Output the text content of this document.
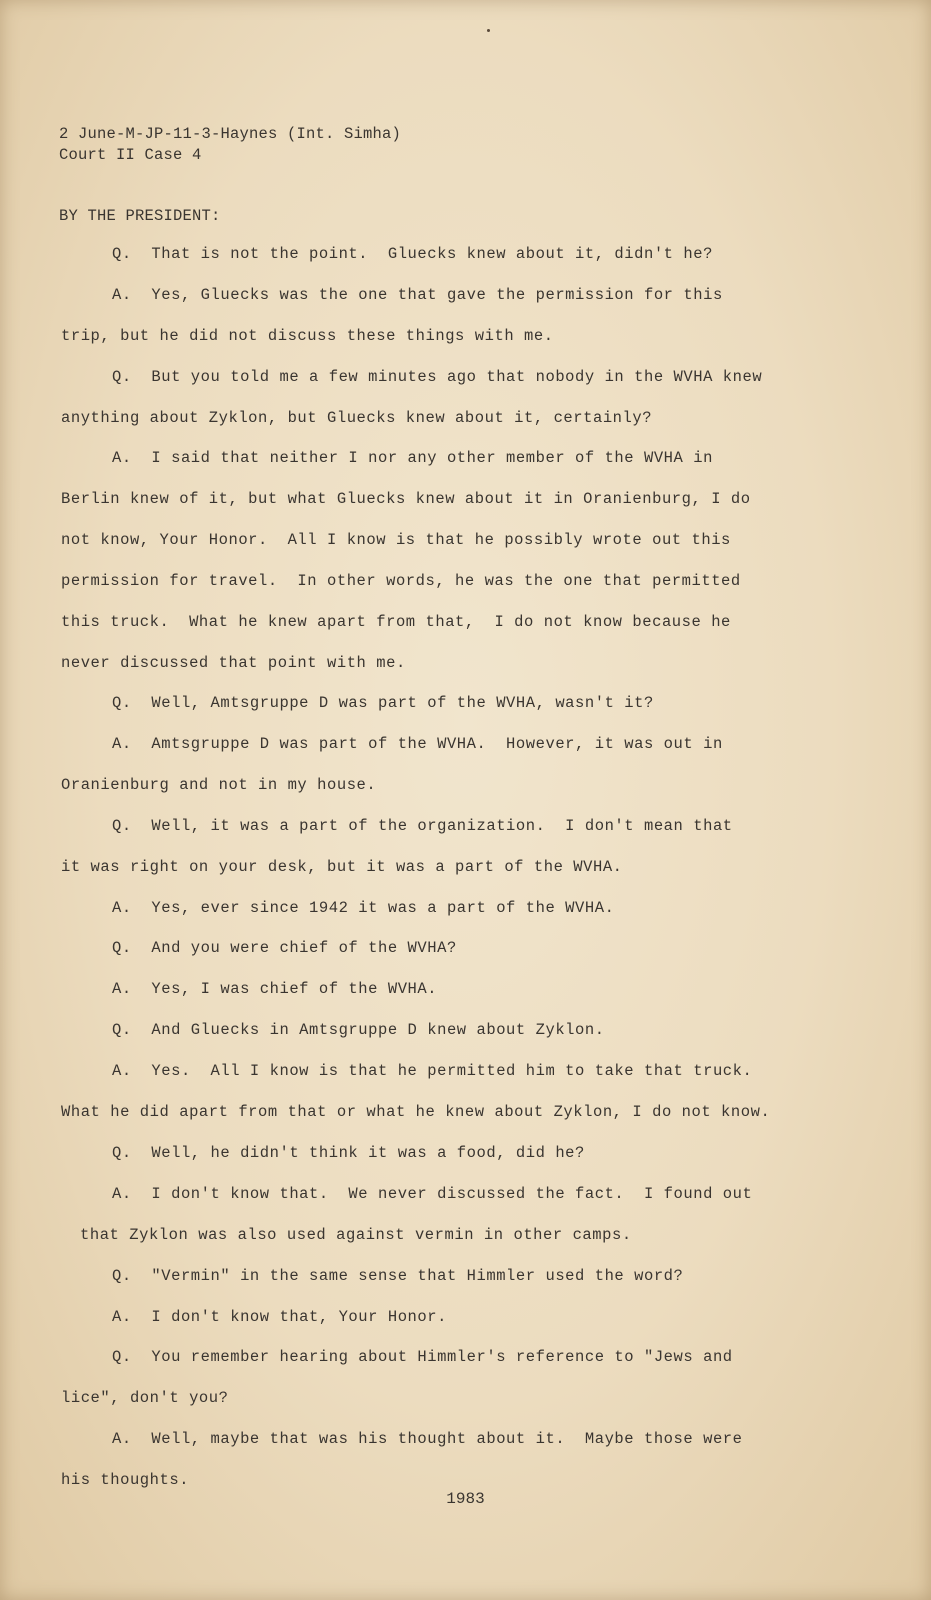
2 June-M-JP-11-3-Haynes (Int. Simha)
Court II Case 4
BY THE PRESIDENT:
Q.  That is not the point.  Gluecks knew about it, didn't he?
A.  Yes, Gluecks was the one that gave the permission for this
trip, but he did not discuss these things with me.
Q.  But you told me a few minutes ago that nobody in the WVHA knew
anything about Zyklon, but Gluecks knew about it, certainly?
A.  I said that neither I nor any other member of the WVHA in
Berlin knew of it, but what Gluecks knew about it in Oranienburg, I do
not know, Your Honor.  All I know is that he possibly wrote out this
permission for travel.  In other words, he was the one that permitted
this truck.  What he knew apart from that,  I do not know because he
never discussed that point with me.
Q.  Well, Amtsgruppe D was part of the WVHA, wasn't it?
A.  Amtsgruppe D was part of the WVHA.  However, it was out in
Oranienburg and not in my house.
Q.  Well, it was a part of the organization.  I don't mean that
it was right on your desk, but it was a part of the WVHA.
A.  Yes, ever since 1942 it was a part of the WVHA.
Q.  And you were chief of the WVHA?
A.  Yes, I was chief of the WVHA.
Q.  And Gluecks in Amtsgruppe D knew about Zyklon.
A.  Yes.  All I know is that he permitted him to take that truck.
What he did apart from that or what he knew about Zyklon, I do not know.
Q.  Well, he didn't think it was a food, did he?
A.  I don't know that.  We never discussed the fact.  I found out
that Zyklon was also used against vermin in other camps.
Q.  "Vermin" in the same sense that Himmler used the word?
A.  I don't know that, Your Honor.
Q.  You remember hearing about Himmler's reference to "Jews and
lice", don't you?
A.  Well, maybe that was his thought about it.  Maybe those were
his thoughts.
1983
